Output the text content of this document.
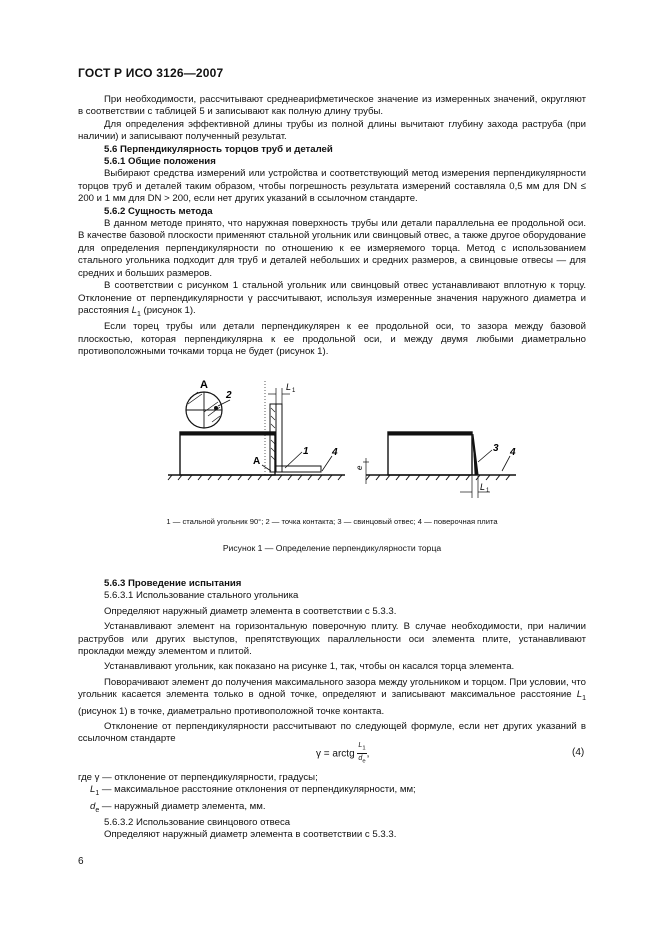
ГОСТ Р ИСО 3126—2007

При необходимости, рассчитывают среднеарифметическое значение из измеренных значений, округляют в соответствии с таблицей 5 и записывают как полную длину трубы.

Для определения эффективной длины трубы из полной длины вычитают глубину захода раструба (при наличии) и записывают полученный результат.

5.6 Перпендикулярность торцов труб и деталей

5.6.1 Общие положения

Выбирают средства измерений или устройства и соответствующий метод измерения перпендикулярности торцов труб и деталей таким образом, чтобы погрешность результата измерений составляла 0,5 мм для DN ≤ 200 и 1 мм для DN > 200, если нет других указаний в ссылочном стандарте.

5.6.2 Сущность метода

В данном методе принято, что наружная поверхность трубы или детали параллельна ее продольной оси. В качестве базовой плоскости применяют стальной угольник или свинцовый отвес, а также другое оборудование для определения перпендикулярности по отношению к ее измеряемого торца. Метод с использованием стального угольника подходит для труб и деталей небольших и средних размеров, а свинцовые отвесы — для средних и больших размеров.

В соответствии с рисунком 1 стальной угольник или свинцовый отвес устанавливают вплотную к торцу. Отклонение от перпендикулярности γ рассчитывают, используя измеренные значения наружного диаметра и расстояния $L_1$ (рисунок 1).

Если торец трубы или детали перпендикулярен к ее продольной оси, то зазора между базовой плоскостью, которая перпендикулярна к ее продольной оси, и между двумя любыми диаметрально противоположными точками торца не будет (рисунок 1).

L 1
А
2
А
1 4
e
L 1
3 4
1 — стальной угольник 90°; 2 — точка контакта; 3 — свинцовый отвес; 4 — поверочная плита
Рисунок 1 — Определение перпендикулярности торца

5.6.3 Проведение испытания

5.6.3.1 Использование стального угольника

Определяют наружный диаметр элемента в соответствии с 5.3.3.

Устанавливают элемент на горизонтальную поверочную плиту. В случае необходимости, при наличии раструбов или других выступов, препятствующих параллельности оси элемента плите, устанавливают прокладки между элементом и плитой.

Устанавливают угольник, как показано на рисунке 1, так, чтобы он касался торца элемента.

Поворачивают элемент до получения максимального зазора между угольником и торцом. При условии, что угольник касается элемента только в одной точке, определяют и записывают максимальное расстояние $L_1$ (рисунок 1) в точке, диаметрально противоположной точке контакта.

Отклонение от перпендикулярности рассчитывают по следующей формуле, если нет других указаний в ссылочном стандарте

γ = arctg $\frac{L_1}{d_e}$ ,	(4)

где γ — отклонение от перпендикулярности, градусы;

$L_1$ — максимальное расстояние отклонения от перпендикулярности, мм;

$d_e$ — наружный диаметр элемента, мм.

5.6.3.2 Использование свинцового отвеса

Определяют наружный диаметр элемента в соответствии с 5.3.3.

6
